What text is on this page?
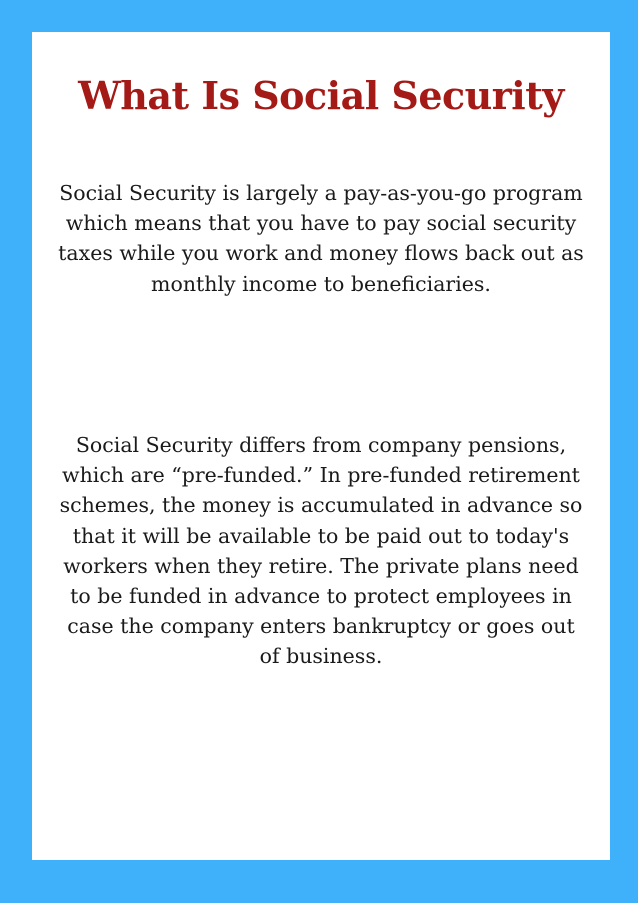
What Is Social Security

Social Security is largely a pay-as-you-go program which means that you have to pay social security taxes while you work and money flows back out as monthly income to beneficiaries.

Social Security differs from company pensions, which are “pre-funded.” In pre-funded retirement schemes, the money is accumulated in advance so that it will be available to be paid out to today's workers when they retire. The private plans need to be funded in advance to protect employees in case the company enters bankruptcy or goes out of business.
